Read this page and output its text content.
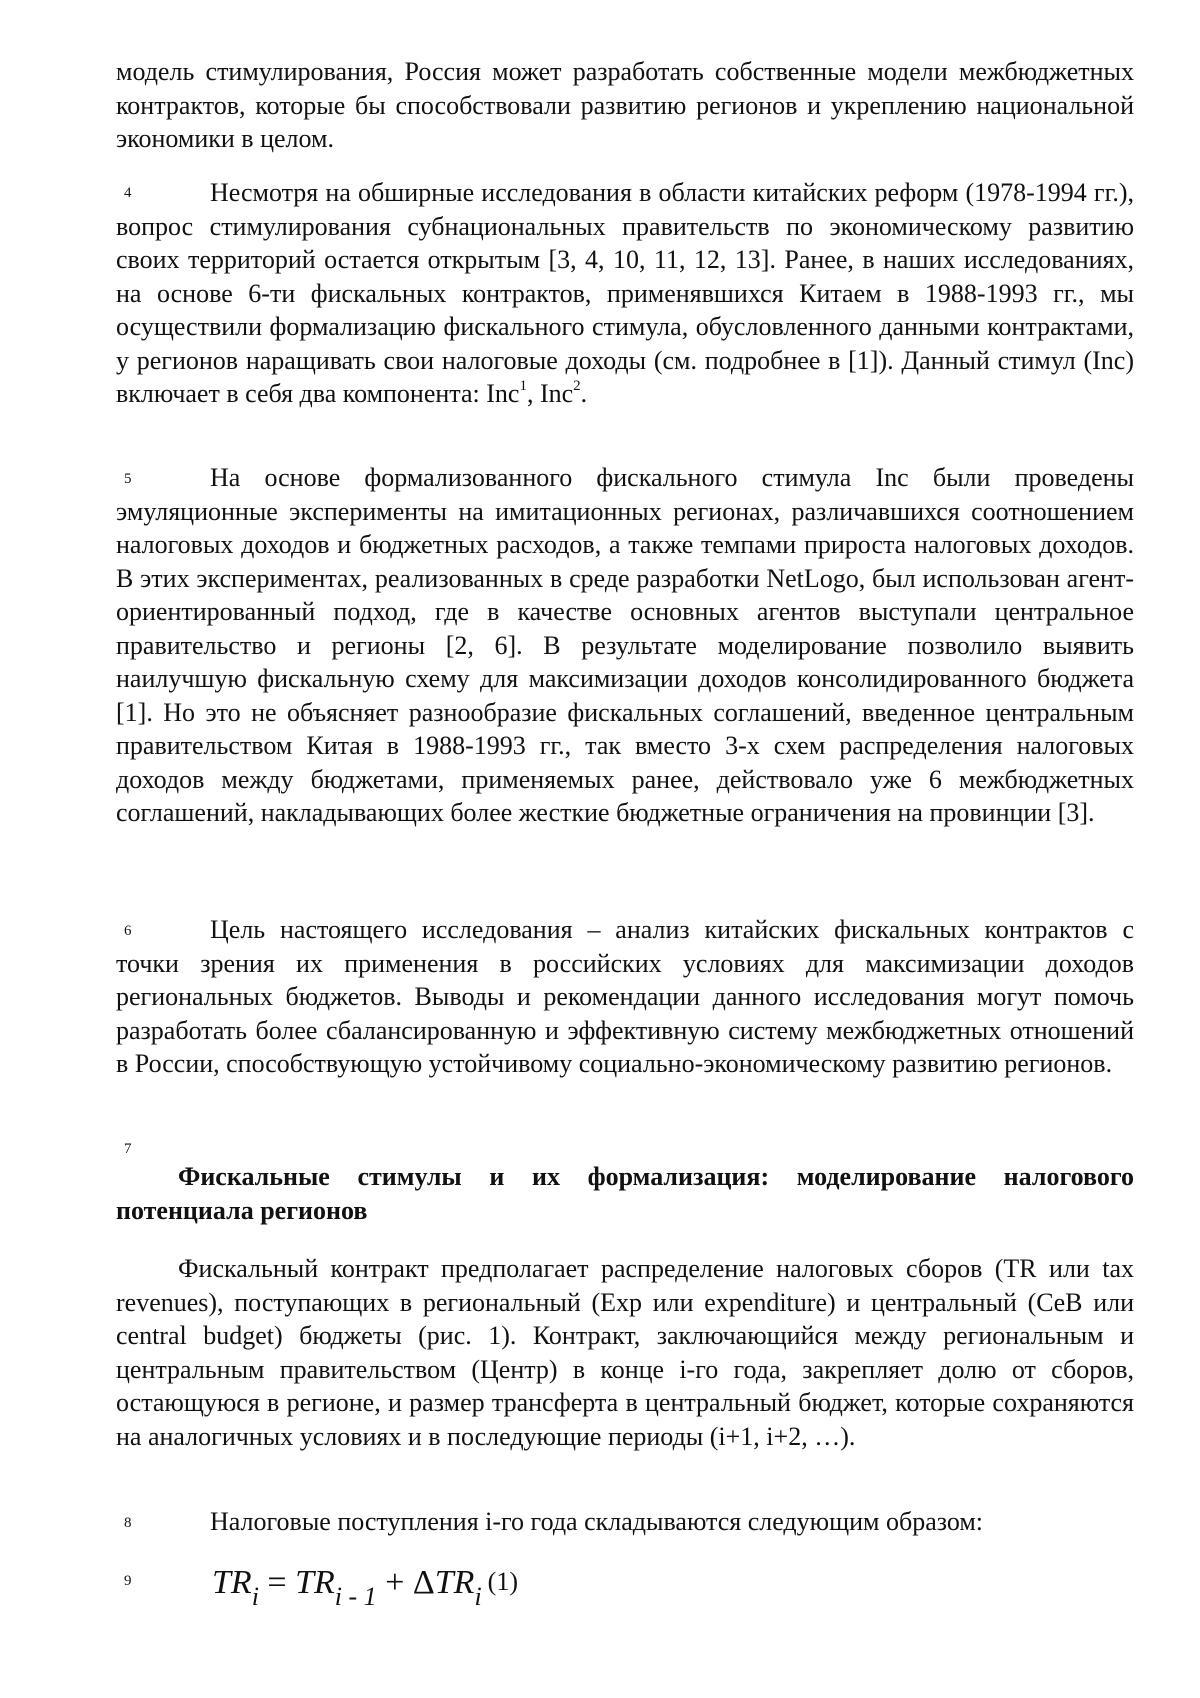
модель стимулирования, Россия может разработать собственные модели межбюджетных контрактов, которые бы способствовали развитию регионов и укреплению национальной экономики в целом.

4	Несмотря на обширные исследования в области китайских реформ (1978-1994 гг.), вопрос стимулирования субнациональных правительств по экономическому развитию своих территорий остается открытым [3, 4, 10, 11, 12, 13]. Ранее, в наших исследованиях, на основе 6-ти фискальных контрактов, применявшихся Китаем в 1988-1993 гг., мы осуществили формализацию фискального стимула, обусловленного данными контрактами, у регионов наращивать свои налоговые доходы (см. подробнее в [1]). Данный стимул (Inc) включает в себя два компонента: Inc1, Inc2.

5	На основе формализованного фискального стимула Inc были проведены эмуляционные эксперименты на имитационных регионах, различавшихся соотношением налоговых доходов и бюджетных расходов, а также темпами прироста налоговых доходов. В этих экспериментах, реализованных в среде разработки NetLogo, был использован агент-ориентированный подход, где в качестве основных агентов выступали центральное правительство и регионы [2, 6]. В результате моделирование позволило выявить наилучшую фискальную схему для максимизации доходов консолидированного бюджета [1]. Но это не объясняет разнообразие фискальных соглашений, введенное центральным правительством Китая в 1988-1993 гг., так вместо 3-х схем распределения налоговых доходов между бюджетами, применяемых ранее, действовало уже 6 межбюджетных соглашений, накладывающих более жесткие бюджетные ограничения на провинции [3].

6	Цель настоящего исследования – анализ китайских фискальных контрактов с точки зрения их применения в российских условиях для максимизации доходов региональных бюджетов. Выводы и рекомендации данного исследования могут помочь разработать более сбалансированную и эффективную систему межбюджетных отношений в России, способствующую устойчивому социально-экономическому развитию регионов.

7
Фискальные стимулы и их формализация: моделирование налогового потенциала регионов

Фискальный контракт предполагает распределение налоговых сборов (TR или tax revenues), поступающих в региональный (Exp или expenditure) и центральный (CeB или central budget) бюджеты (рис. 1). Контракт, заключающийся между региональным и центральным правительством (Центр) в конце i-го года, закрепляет долю от сборов, остающуюся в регионе, и размер трансферта в центральный бюджет, которые сохраняются на аналогичных условиях и в последующие периоды (i+1, i+2, …).

8	Налоговые поступления i-го года складываются следующим образом:

9 TRi = TRi - 1 + ΔTRi(1)
